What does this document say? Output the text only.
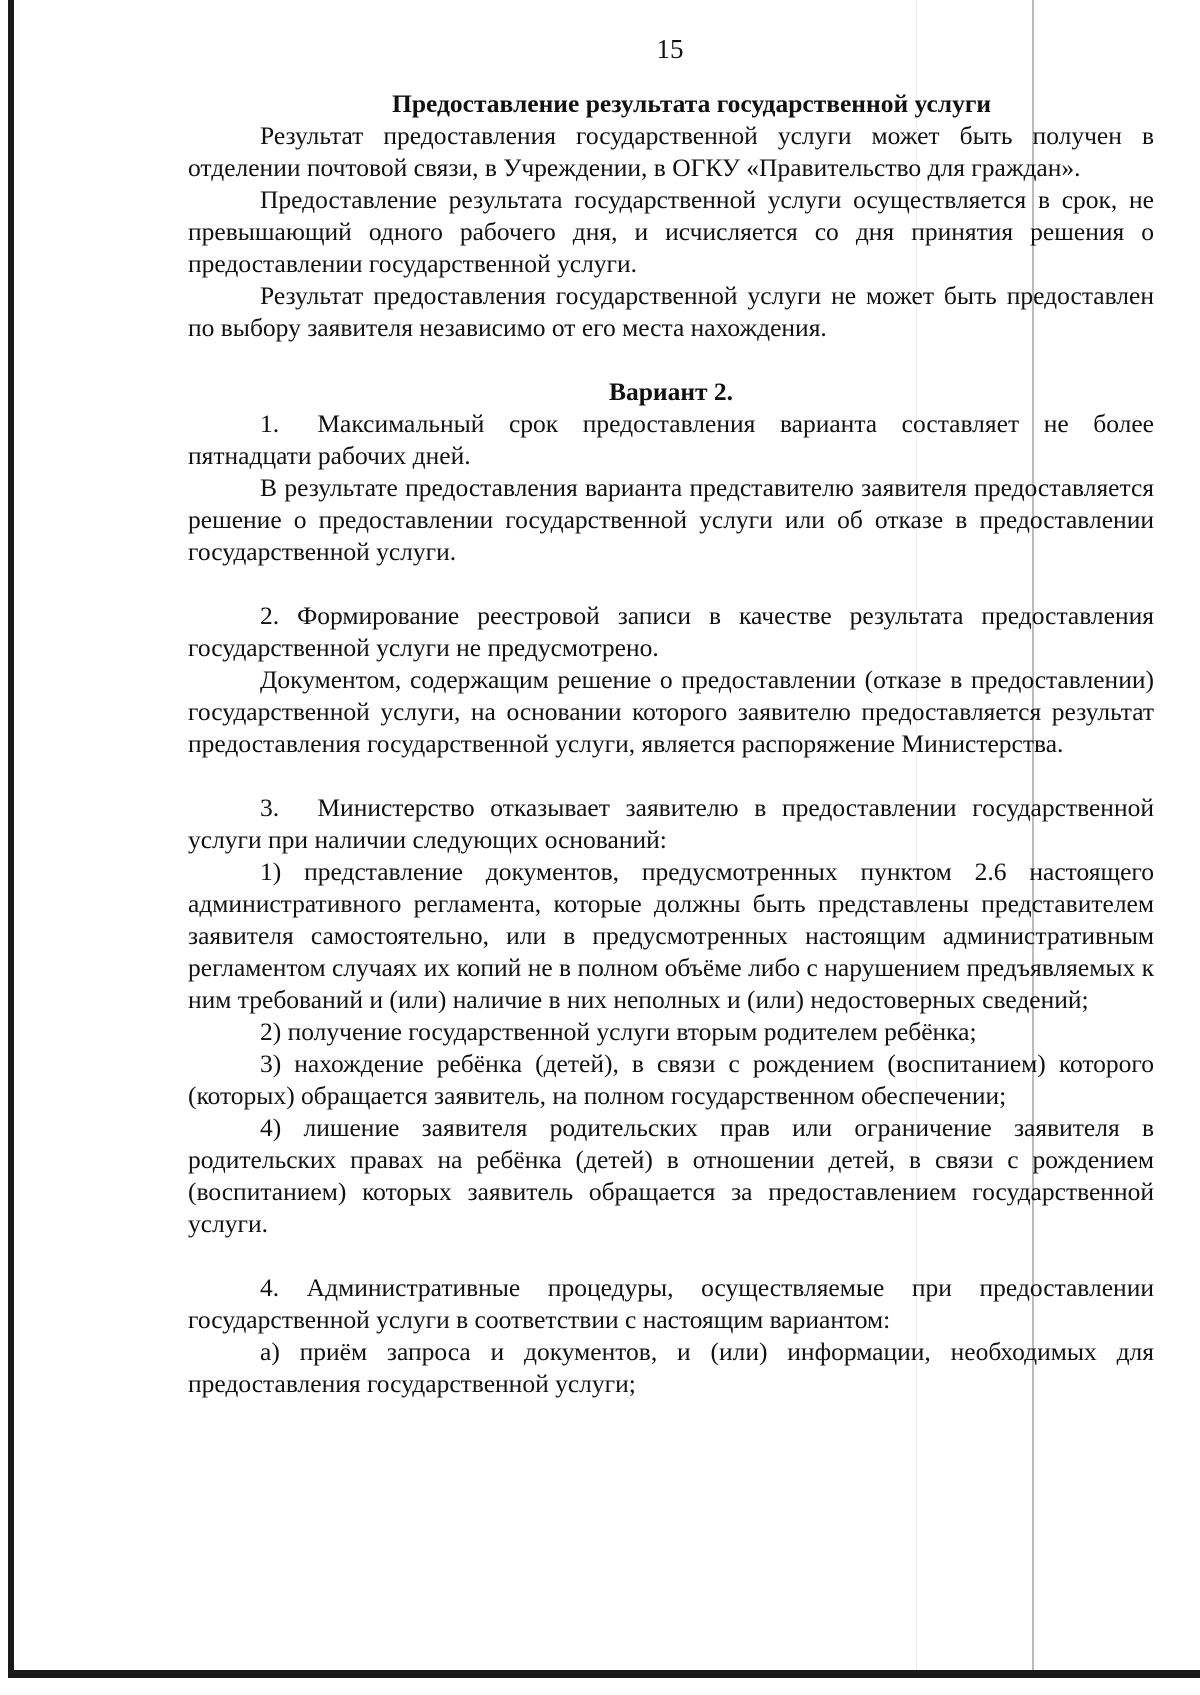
15
Предоставление результата государственной услуги

Результат предоставления государственной услуги может быть получен в отделении почтовой связи, в Учреждении, в ОГКУ «Правительство для граждан».

Предоставление результата государственной услуги осуществляется в срок, не превышающий одного рабочего дня, и исчисляется со дня принятия решения о предоставлении государственной услуги.

Результат предоставления государственной услуги не может быть предоставлен по выбору заявителя независимо от его места нахождения.

Вариант 2.

1.  Максимальный срок предоставления варианта составляет не более пятнадцати рабочих дней.

В результате предоставления варианта представителю заявителя предоставляется решение о предоставлении государственной услуги или об отказе в предоставлении государственной услуги.

2. Формирование реестровой записи в качестве результата предоставления государственной услуги не предусмотрено.

Документом, содержащим решение о предоставлении (отказе в предоставлении) государственной услуги, на основании которого заявителю предоставляется результат предоставления государственной услуги, является распоряжение Министерства.

3.  Министерство отказывает заявителю в предоставлении государственной услуги при наличии следующих оснований:

1) представление документов, предусмотренных пунктом 2.6 настоящего административного регламента, которые должны быть представлены представителем заявителя самостоятельно, или в предусмотренных настоящим административным регламентом случаях их копий не в полном объёме либо с нарушением предъявляемых к ним требований и (или) наличие в них неполных и (или) недостоверных сведений;

2) получение государственной услуги вторым родителем ребёнка;

3) нахождение ребёнка (детей), в связи с рождением (воспитанием) которого (которых) обращается заявитель, на полном государственном обеспечении;

4) лишение заявителя родительских прав или ограничение заявителя в родительских правах на ребёнка (детей) в отношении детей, в связи с рождением (воспитанием) которых заявитель обращается за предоставлением государственной услуги.

4. Административные процедуры, осуществляемые при предоставлении государственной услуги в соответствии с настоящим вариантом:

а) приём запроса и документов, и (или) информации, необходимых для предоставления государственной услуги;
